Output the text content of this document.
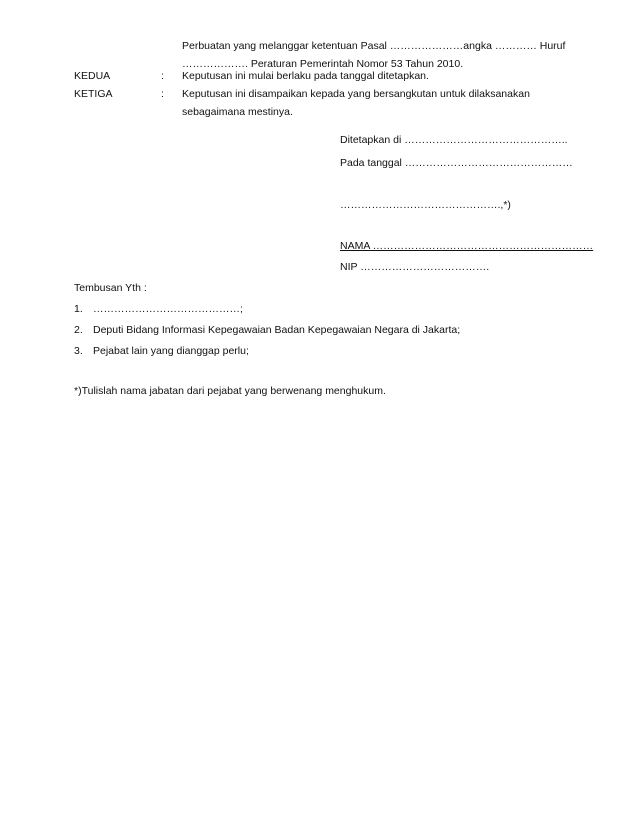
Perbuatan yang melanggar ketentuan Pasal …………………angka ………… Huruf
………………. Peraturan Pemerintah Nomor 53 Tahun 2010.
KEDUA	: Keputusan ini mulai berlaku pada tanggal ditetapkan.
KETIGA	: Keputusan ini disampaikan kepada yang bersangkutan untuk dilaksanakan
sebagaimana mestinya.
Ditetapkan di ………………………………………..
Pada tanggal …………………………………………
……………………………………….,*)
NAMA ………………………………………………………
NIP ……………………………….
Tembusan Yth :
1. ……………………………………;
2. Deputi Bidang Informasi Kepegawaian Badan Kepegawaian Negara di Jakarta;
3. Pejabat lain yang dianggap perlu;
*)Tulislah nama jabatan dari pejabat yang berwenang menghukum.
